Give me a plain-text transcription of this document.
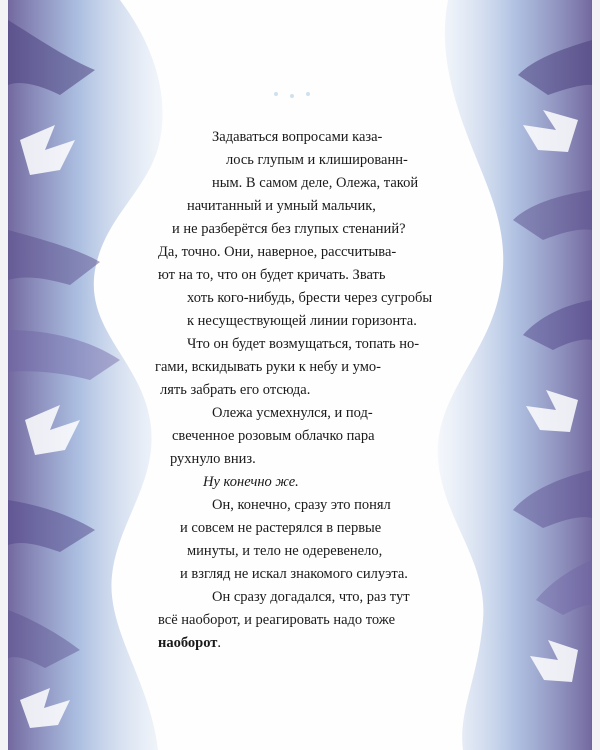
Задаваться вопросами каза-
лось глупым и клишированн-
ным. В самом деле, Олежа, такой
начитанный и умный мальчик,
и не разберётся без глупых стенаний?
Да, точно. Они, наверное, рассчитыва-
ют на то, что он будет кричать. Звать
хоть кого-нибудь, брести через сугробы
к несуществующей линии горизонта.
Что он будет возмущаться, топать но-
гами, вскидывать руки к небу и умо-
лять забрать его отсюда.
Олежа усмехнулся, и под-
свеченное розовым облачко пара
рухнуло вниз.
Ну конечно же.
Он, конечно, сразу это понял
и совсем не растерялся в первые
минуты, и тело не одеревенело,
и взгляд не искал знакомого силуэта.
Он сразу догадался, что, раз тут
всё наоборот, и реагировать надо тоже
наоборот.
